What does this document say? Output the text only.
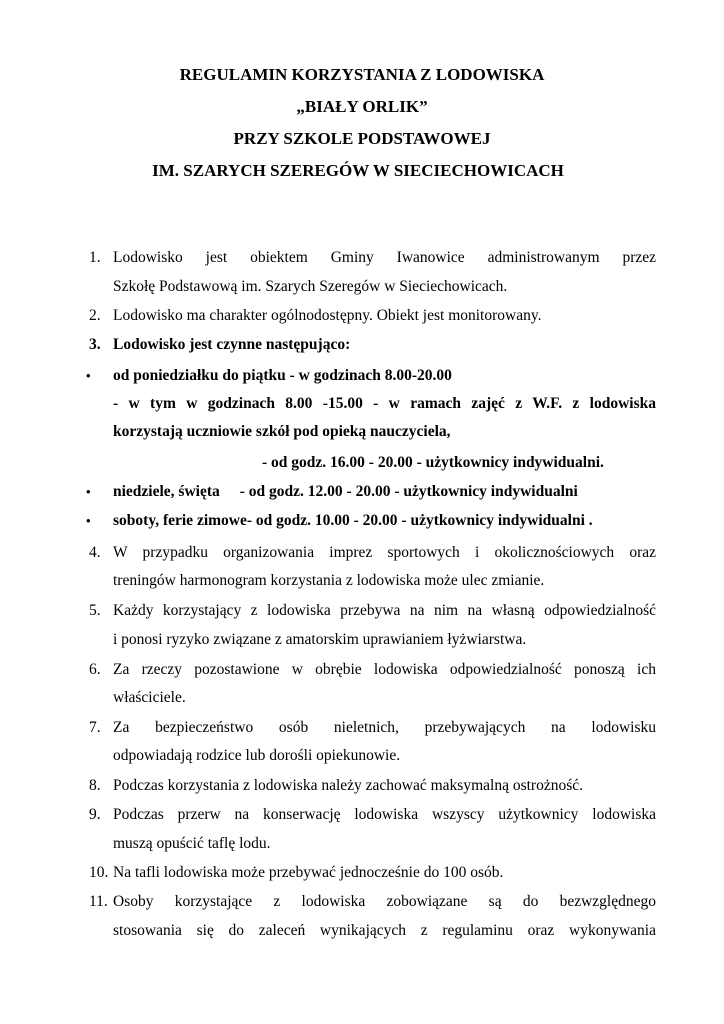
REGULAMIN KORZYSTANIA Z LODOWISKA
„BIAŁY ORLIK”
PRZY SZKOLE PODSTAWOWEJ
IM. SZARYCH SZEREGÓW W SIECIECHOWICACH
1. Lodowisko jest obiektem Gminy Iwanowice administrowanym przez
Szkołę Podstawową im. Szarych Szeregów w Sieciechowicach.
2. Lodowisko ma charakter ogólnodostępny. Obiekt jest monitorowany.
3. Lodowisko jest czynne następująco:
• od poniedziałku do piątku - w godzinach 8.00-20.00
- w tym w godzinach 8.00 -15.00 - w ramach zajęć z W.F. z lodowiska
korzystają uczniowie szkół pod opieką nauczyciela,
- od godz. 16.00 - 20.00 - użytkownicy indywidualni.
• niedziele, święta - od godz. 12.00 - 20.00 - użytkownicy indywidualni
• soboty, ferie zimowe- od godz. 10.00 - 20.00 - użytkownicy indywidualni .
4. W przypadku organizowania imprez sportowych i okolicznościowych oraz
treningów harmonogram korzystania z lodowiska może ulec zmianie.
5. Każdy korzystający z lodowiska przebywa na nim na własną odpowiedzialność
i ponosi ryzyko związane z amatorskim uprawianiem łyżwiarstwa.
6. Za rzeczy pozostawione w obrębie lodowiska odpowiedzialność ponoszą ich
właściciele.
7. Za bezpieczeństwo osób nieletnich, przebywających na lodowisku
odpowiadają rodzice lub dorośli opiekunowie.
8. Podczas korzystania z lodowiska należy zachować maksymalną ostrożność.
9. Podczas przerw na konserwację lodowiska wszyscy użytkownicy lodowiska
muszą opuścić taflę lodu.
10. Na tafli lodowiska może przebywać jednocześnie do 100 osób.
11. Osoby korzystające z lodowiska zobowiązane są do bezwzględnego
stosowania się do zaleceń wynikających z regulaminu oraz wykonywania
